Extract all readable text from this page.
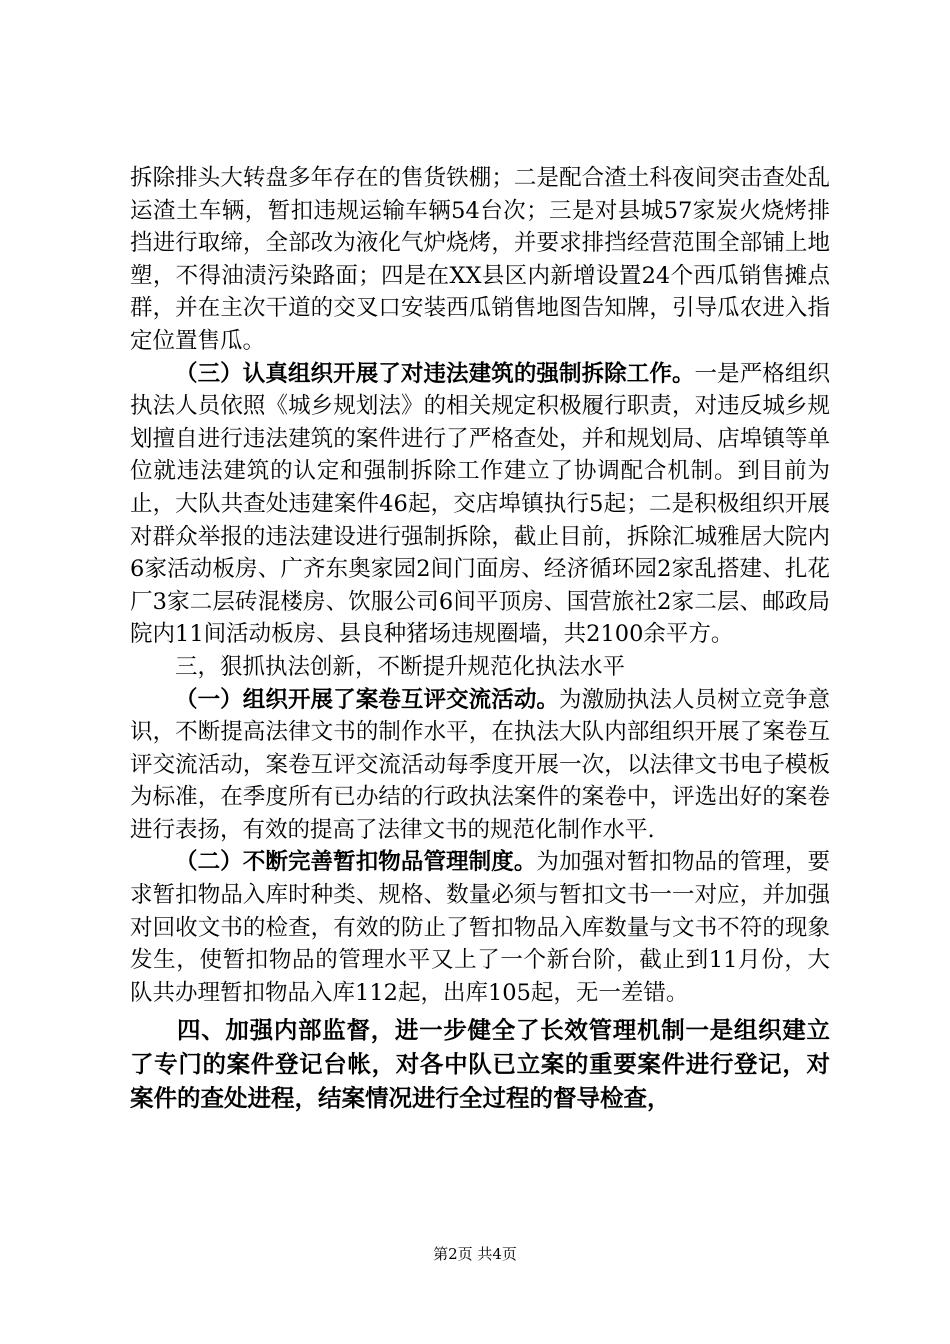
拆除排头大转盘多年存在的售货铁棚；二是配合渣土科夜间突击查处乱运渣土车辆，暂扣违规运输车辆54台次；三是对县城57家炭火烧烤排挡进行取缔，全部改为液化气炉烧烤，并要求排挡经营范围全部铺上地塑，不得油渍污染路面；四是在XX县区内新增设置24个西瓜销售摊点群，并在主次干道的交叉口安装西瓜销售地图告知牌，引导瓜农进入指定位置售瓜。

（三）认真组织开展了对违法建筑的强制拆除工作。一是严格组织执法人员依照《城乡规划法》的相关规定积极履行职责，对违反城乡规划擅自进行违法建筑的案件进行了严格查处，并和规划局、店埠镇等单位就违法建筑的认定和强制拆除工作建立了协调配合机制。到目前为止，大队共查处违建案件46起，交店埠镇执行5起；二是积极组织开展对群众举报的违法建设进行强制拆除，截止目前，拆除汇城雅居大院内6家活动板房、广齐东奥家园2间门面房、经济循环园2家乱搭建、扎花厂3家二层砖混楼房、饮服公司6间平顶房、国营旅社2家二层、邮政局院内11间活动板房、县良种猪场违规圈墙，共2100余平方。

三，狠抓执法创新，不断提升规范化执法水平

（一）组织开展了案卷互评交流活动。为激励执法人员树立竞争意识，不断提高法律文书的制作水平，在执法大队内部组织开展了案卷互评交流活动，案卷互评交流活动每季度开展一次，以法律文书电子模板为标准，在季度所有已办结的行政执法案件的案卷中，评选出好的案卷进行表扬，有效的提高了法律文书的规范化制作水平.

（二）不断完善暂扣物品管理制度。为加强对暂扣物品的管理，要求暂扣物品入库时种类、规格、数量必须与暂扣文书一一对应，并加强对回收文书的检查，有效的防止了暂扣物品入库数量与文书不符的现象发生，使暂扣物品的管理水平又上了一个新台阶，截止到11月份，大队共办理暂扣物品入库112起，出库105起，无一差错。

四、加强内部监督，进一步健全了长效管理机制一是组织建立了专门的案件登记台帐，对各中队已立案的重要案件进行登记，对案件的查处进程，结案情况进行全过程的督导检查，

第2页 共4页
